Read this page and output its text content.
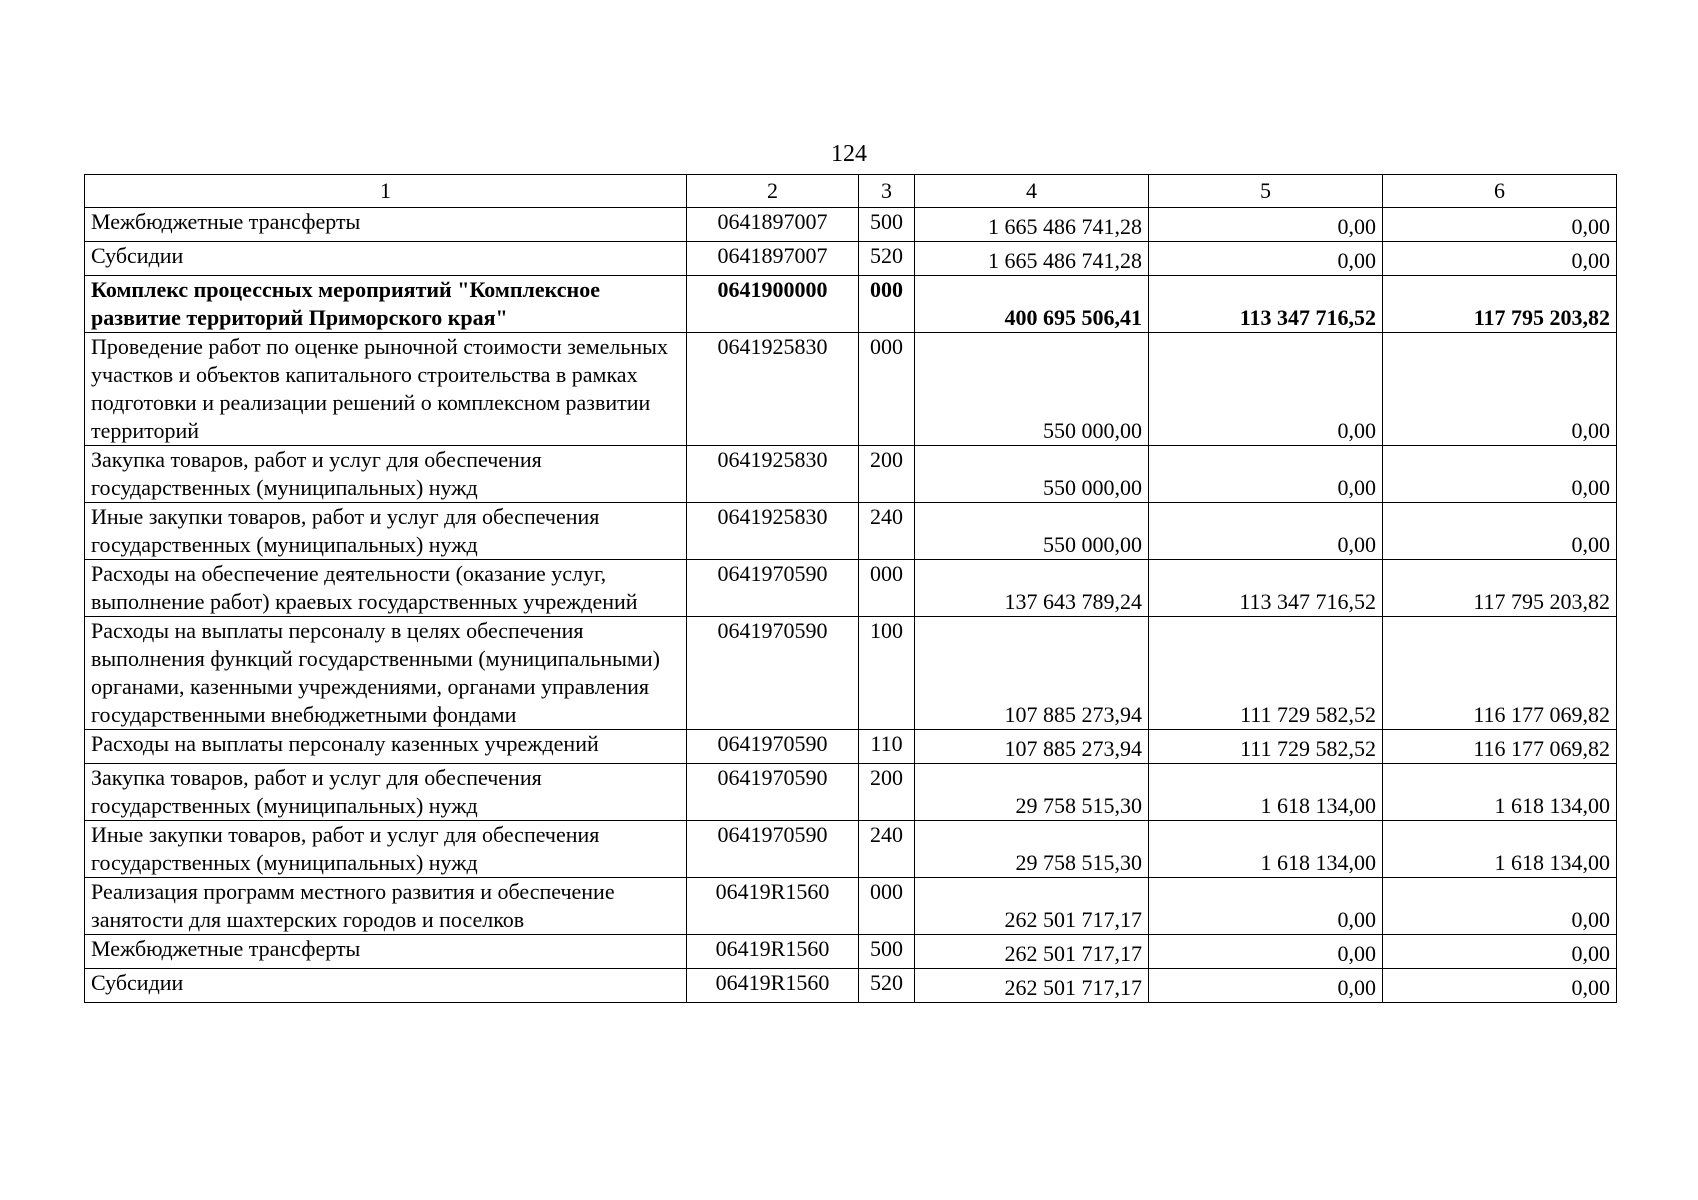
124
1	2	3	4	5	6
Межбюджетные трансферты	0641897007	500	1 665 486 741,28	0,00	0,00
Субсидии	0641897007	520	1 665 486 741,28	0,00	0,00
Комплекс процессных мероприятий "Комплексное развитие территорий Приморского края"	0641900000	000	400 695 506,41	113 347 716,52	117 795 203,82
Проведение работ по оценке рыночной стоимости земельных участков и объектов капитального строительства в рамках подготовки и реализации решений о комплексном развитии территорий	0641925830	000	550 000,00	0,00	0,00
Закупка товаров, работ и услуг для обеспечения государственных (муниципальных) нужд	0641925830	200	550 000,00	0,00	0,00
Иные закупки товаров, работ и услуг для обеспечения государственных (муниципальных) нужд	0641925830	240	550 000,00	0,00	0,00
Расходы на обеспечение деятельности (оказание услуг, выполнение работ) краевых государственных учреждений	0641970590	000	137 643 789,24	113 347 716,52	117 795 203,82
Расходы на выплаты персоналу в целях обеспечения выполнения функций государственными (муниципальными) органами, казенными учреждениями, органами управления государственными внебюджетными фондами	0641970590	100	107 885 273,94	111 729 582,52	116 177 069,82
Расходы на выплаты персоналу казенных учреждений	0641970590	110	107 885 273,94	111 729 582,52	116 177 069,82
Закупка товаров, работ и услуг для обеспечения государственных (муниципальных) нужд	0641970590	200	29 758 515,30	1 618 134,00	1 618 134,00
Иные закупки товаров, работ и услуг для обеспечения государственных (муниципальных) нужд	0641970590	240	29 758 515,30	1 618 134,00	1 618 134,00
Реализация программ местного развития и обеспечение занятости для шахтерских городов и поселков	06419R1560	000	262 501 717,17	0,00	0,00
Межбюджетные трансферты	06419R1560	500	262 501 717,17	0,00	0,00
Субсидии	06419R1560	520	262 501 717,17	0,00	0,00
